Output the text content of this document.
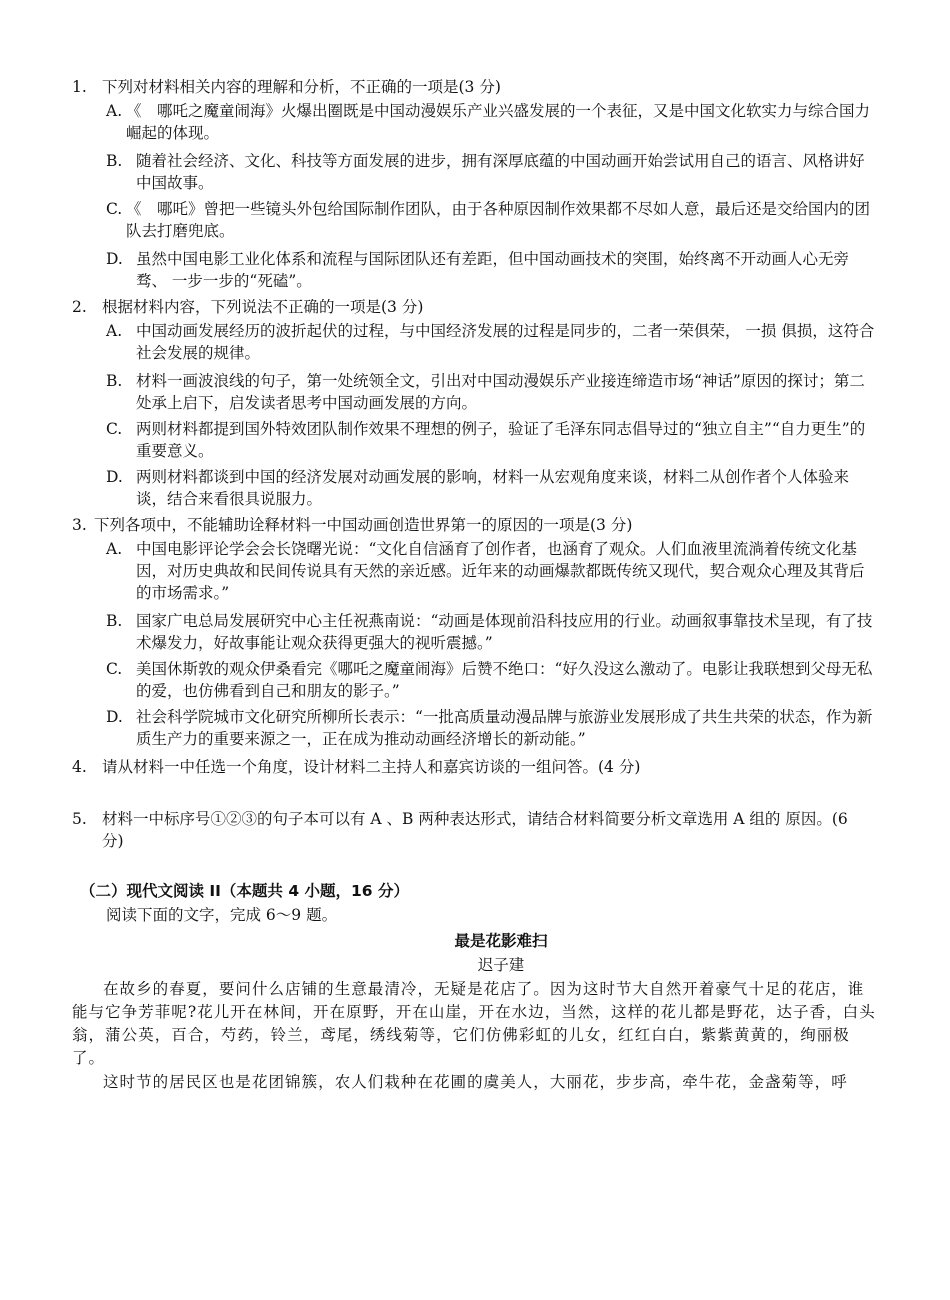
1. 下列对材料相关内容的理解和分析，不正确的一项是(3 分)
A. 《　哪吒之魔童闹海》火爆出圈既是中国动漫娱乐产业兴盛发展的一个表征，又是中国文化软实力与综合国力崛起的体现。
B. 随着社会经济、文化、科技等方面发展的进步，拥有深厚底蕴的中国动画开始尝试用自己的语言、风格讲好中国故事。
C. 《　哪吒》曾把一些镜头外包给国际制作团队，由于各种原因制作效果都不尽如人意，最后还是交给国内的团队去打磨兜底。
D. 虽然中国电影工业化体系和流程与国际团队还有差距，但中国动画技术的突围，始终离不开动画人心无旁骛、 一步一步的“死磕”。
2. 根据材料内容，下列说法不正确的一项是(3 分)
A. 中国动画发展经历的波折起伏的过程，与中国经济发展的过程是同步的，二者一荣俱荣， 一损 俱损，这符合社会发展的规律。
B. 材料一画波浪线的句子，第一处统领全文，引出对中国动漫娱乐产业接连缔造市场“神话”原因的探讨；第二处承上启下，启发读者思考中国动画发展的方向。
C. 两则材料都提到国外特效团队制作效果不理想的例子，验证了毛泽东同志倡导过的“独立自主”“自力更生”的重要意义。
D. 两则材料都谈到中国的经济发展对动画发展的影响，材料一从宏观角度来谈，材料二从创作者个人体验来谈，结合来看很具说服力。
3. 下列各项中，不能辅助诠释材料一中国动画创造世界第一的原因的一项是(3 分)
A. 中国电影评论学会会长饶曙光说：“文化自信涵育了创作者，也涵育了观众。人们血液里流淌着传统文化基因，对历史典故和民间传说具有天然的亲近感。近年来的动画爆款都既传统又现代，契合观众心理及其背后的市场需求。”
B. 国家广电总局发展研究中心主任祝燕南说：“动画是体现前沿科技应用的行业。动画叙事靠技术呈现，有了技术爆发力，好故事能让观众获得更强大的视听震撼。”
C. 美国休斯敦的观众伊桑看完《哪吒之魔童闹海》后赞不绝口：“好久没这么激动了。电影让我联想到父母无私的爱，也仿佛看到自己和朋友的影子。”
D. 社会科学院城市文化研究所柳所长表示：“一批高质量动漫品牌与旅游业发展形成了共生共荣的状态，作为新质生产力的重要来源之一，正在成为推动动画经济增长的新动能。”
4. 请从材料一中任选一个角度，设计材料二主持人和嘉宾访谈的一组问答。(4 分)
5. 材料一中标序号①②③的句子本可以有 A 、B 两种表达形式，请结合材料简要分析文章选用 A 组的 原因。(6 分)
（二）现代文阅读 II（本题共 4 小题，16 分）
阅读下面的文字，完成 6～9 题。
最是花影难扫
迟子建
在故乡的春夏，要问什么店铺的生意最清冷，无疑是花店了。因为这时节大自然开着豪气十足的花店，谁能与它争芳菲呢?花儿开在林间，开在原野，开在山崖，开在水边，当然，这样的花儿都是野花，达子香，白头翁，蒲公英，百合，芍药，铃兰，鸢尾，绣线菊等，它们仿佛彩虹的儿女，红红白白，紫紫黄黄的，绚丽极了。
这时节的居民区也是花团锦簇，农人们栽种在花圃的虞美人，大丽花，步步高，牵牛花，金盏菊等，呼
